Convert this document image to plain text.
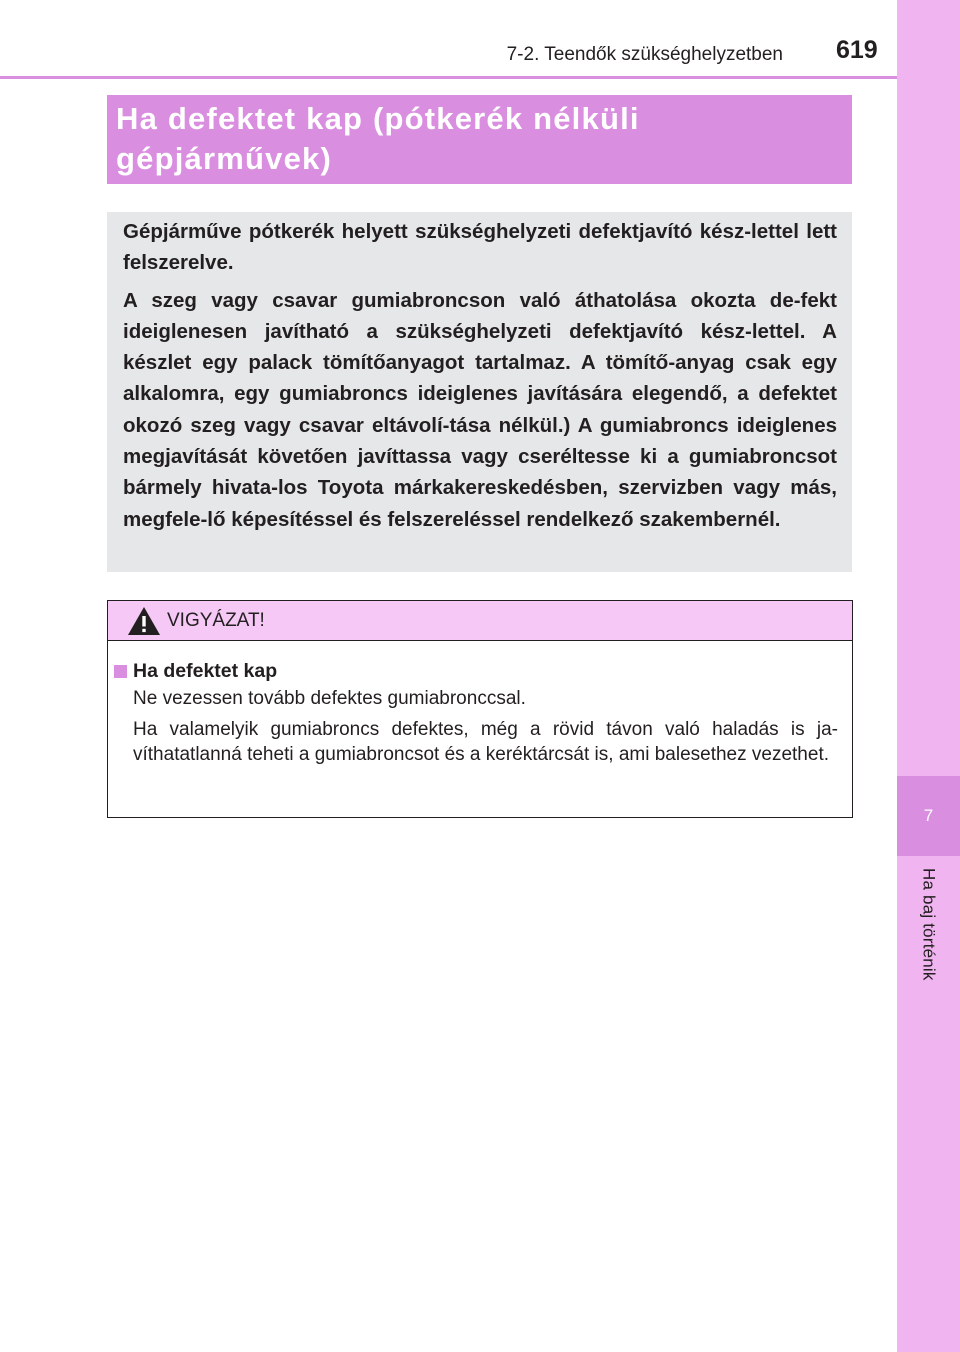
7
Ha baj történik
7-2. Teendők szükséghelyzetben 619
Ha defektet kap (pótkerék nélküli gépjárművek)

Gépjárműve pótkerék helyett szükséghelyzeti defektjavító kész-lettel lett felszerelve.

A szeg vagy csavar gumiabroncson való áthatolása okozta de-fekt ideiglenesen javítható a szükséghelyzeti defektjavító kész-lettel. A készlet egy palack tömítőanyagot tartalmaz. A tömítő-anyag csak egy alkalomra, egy gumiabroncs ideiglenes javítására elegendő, a defektet okozó szeg vagy csavar eltávolí-tása nélkül.) A gumiabroncs ideiglenes megjavítását követően javíttassa vagy cseréltesse ki a gumiabroncsot bármely hivata-los Toyota márkakereskedésben, szervizben vagy más, megfele-lő képesítéssel és felszereléssel rendelkező szakembernél.

VIGYÁZAT!
Ha defektet kap

Ne vezessen tovább defektes gumiabronccsal.

Ha valamelyik gumiabroncs defektes, még a rövid távon való haladás is ja-víthatatlanná teheti a gumiabroncsot és a keréktárcsát is, ami balesethez vezethet.
